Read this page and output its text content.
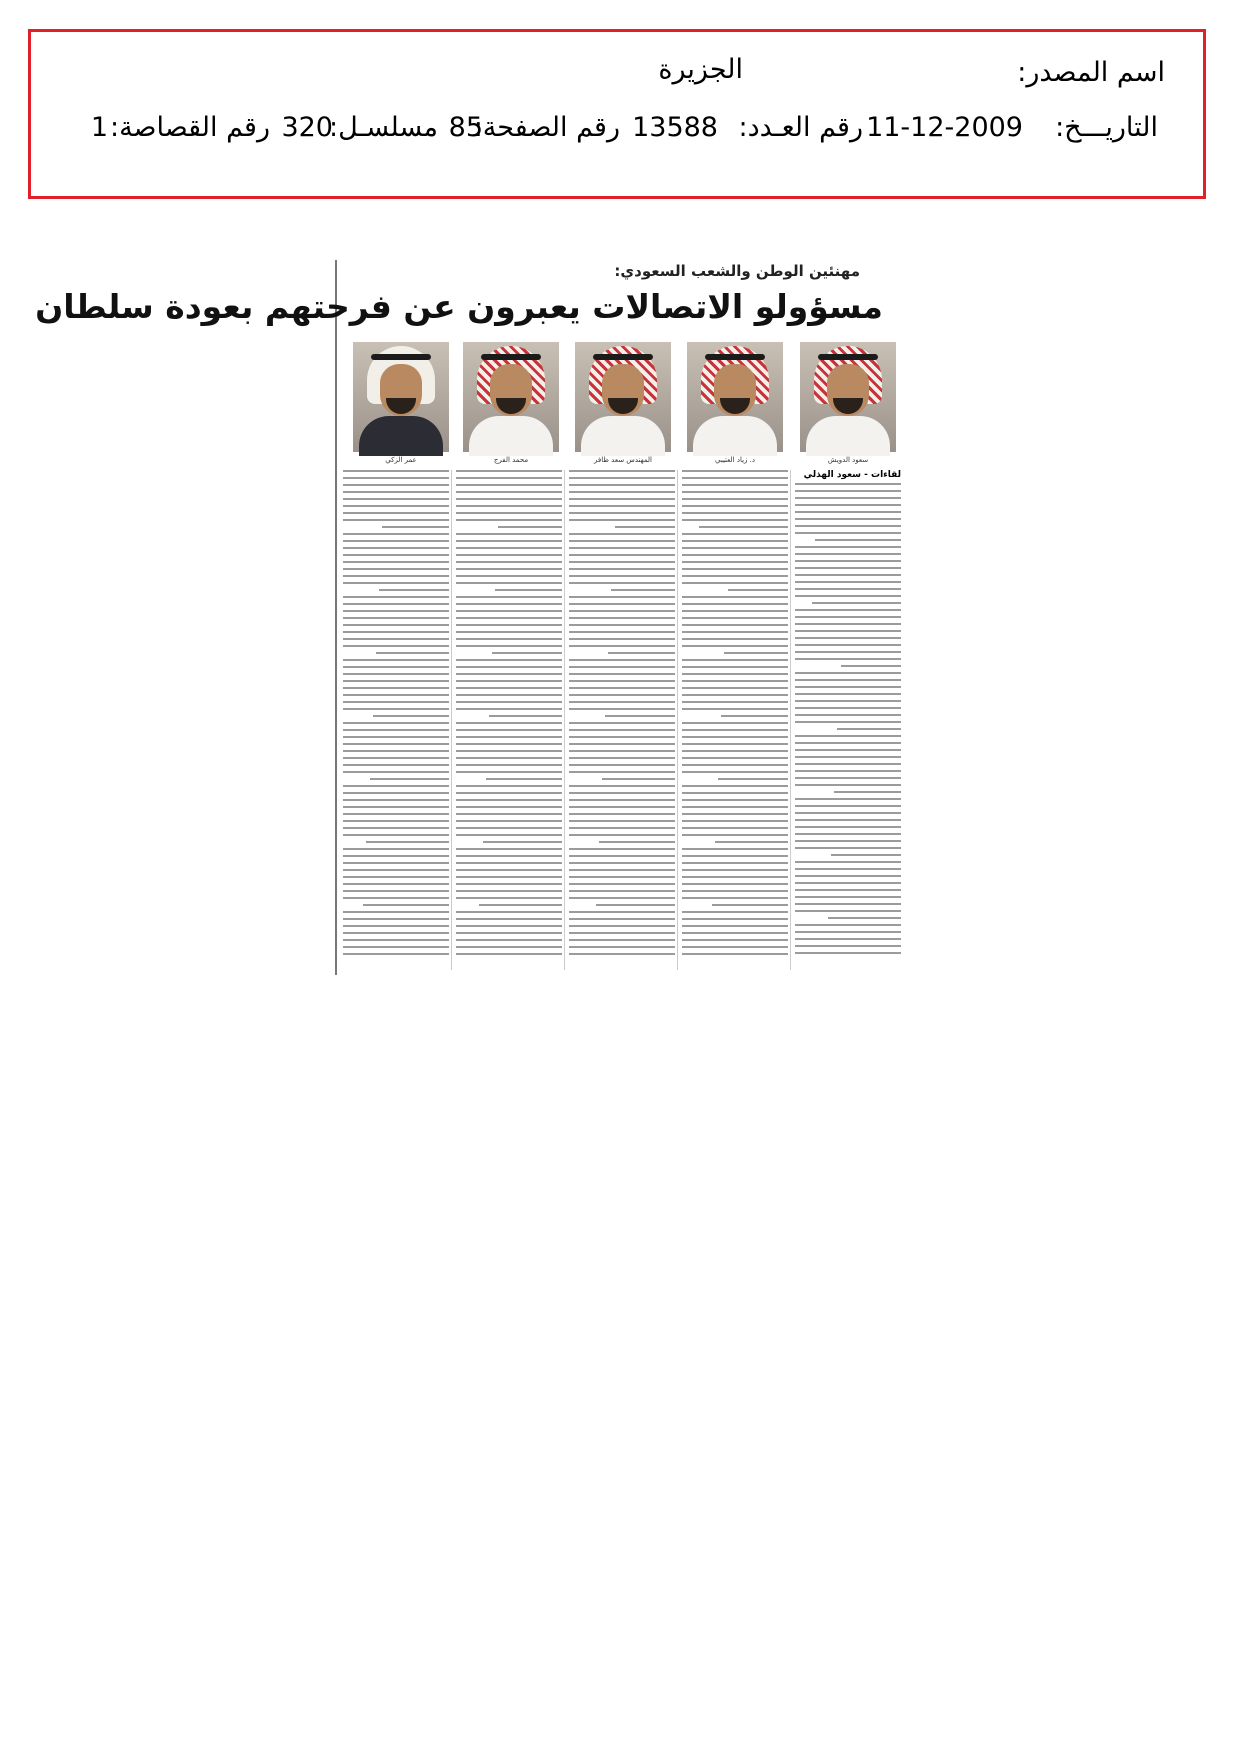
اسم المصدر:
الجزيرة
التاريـــخ:
11-12-2009
رقم العـدد:
13588
رقم الصفحة:
85
مسلسـل:
320
رقم القصاصة:
1
مهنئين الوطن والشعب السعودي:
مسؤولو الاتصالات يعبرون عن فرحتهم بعودة سلطان
سعود الدويش
د. زياد العتيبي
المهندس سعد ظافر
محمد الفرج
عمر الزكي
لقاءات - سعود الهذلي
